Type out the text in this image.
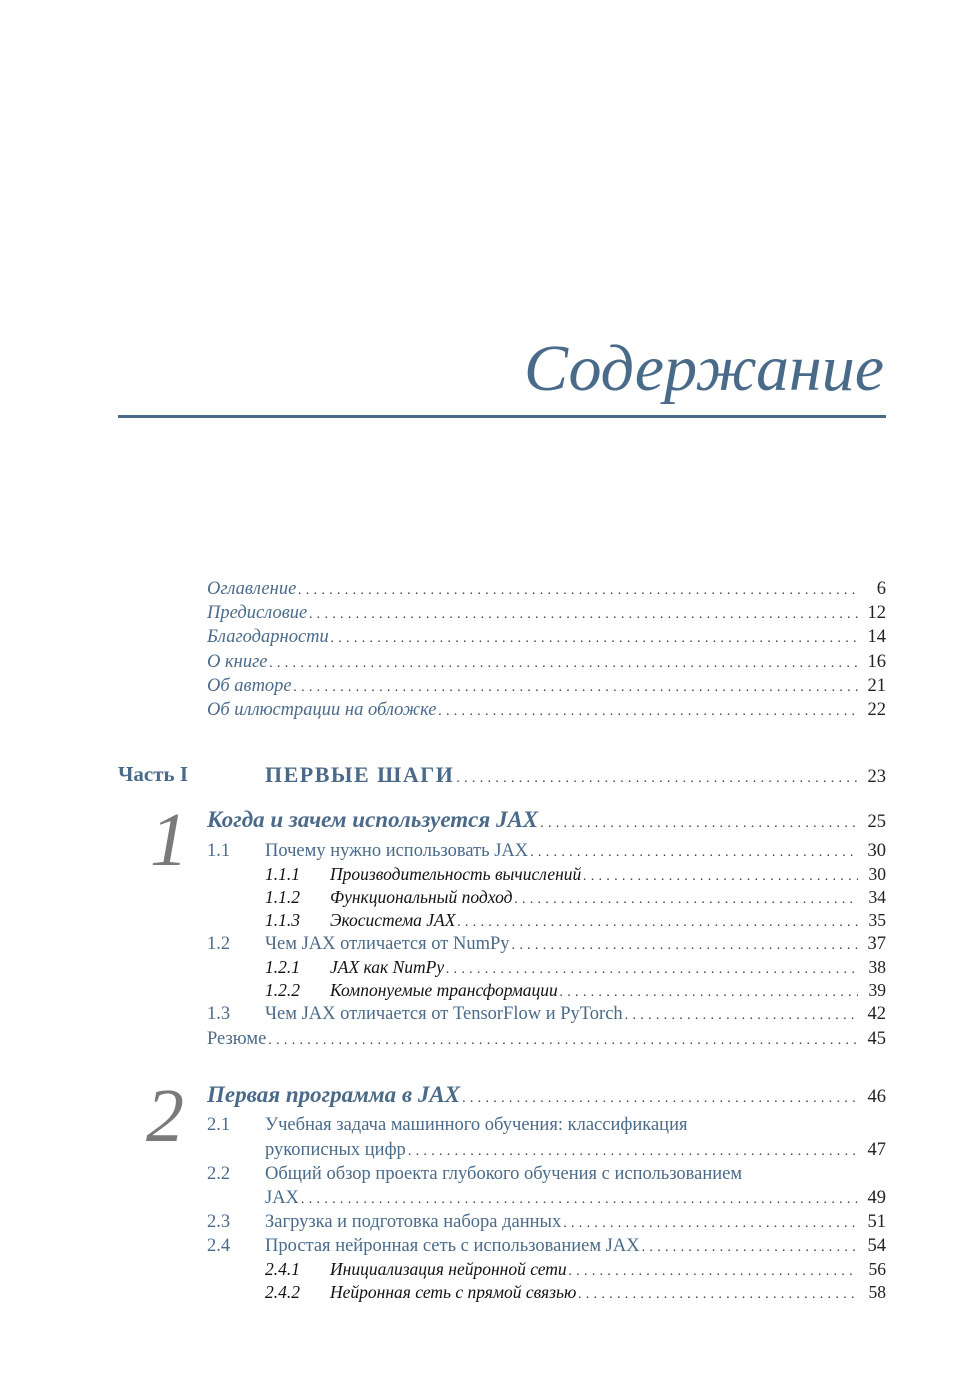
Содержание
Оглавление . . .	6
Предисловие . . .	12
Благодарности . . .	14
О книге . . .	16
Об авторе . . .	21
Об иллюстрации на обложке . . .	22
Часть I	ПЕРВЫЕ ШАГИ . . .	23
1 Когда и зачем используется JAX . . .	25
1.1 Почему нужно использовать JAX . . .	30
1.1.1 Производительность вычислений . . .	30
1.1.2 Функциональный подход . . .	34
1.1.3 Экосистема JAX . . .	35
1.2 Чем JAX отличается от NumPy . . .	37
1.2.1 JAX как NumPy . . .	38
1.2.2 Компонуемые трансформации . . .	39
1.3 Чем JAX отличается от TensorFlow и PyTorch . . .	42
Резюме . . .	45
2 Первая программа в JAX . . .	46
2.1 Учебная задача машинного обучения: классификация
рукописных цифр . . .	47
2.2 Общий обзор проекта глубокого обучения с использованием
JAX . . .	49
2.3 Загрузка и подготовка набора данных . . .	51
2.4 Простая нейронная сеть с использованием JAX . . .	54
2.4.1 Инициализация нейронной сети . . .	56
2.4.2 Нейронная сеть с прямой связью . . .	58
